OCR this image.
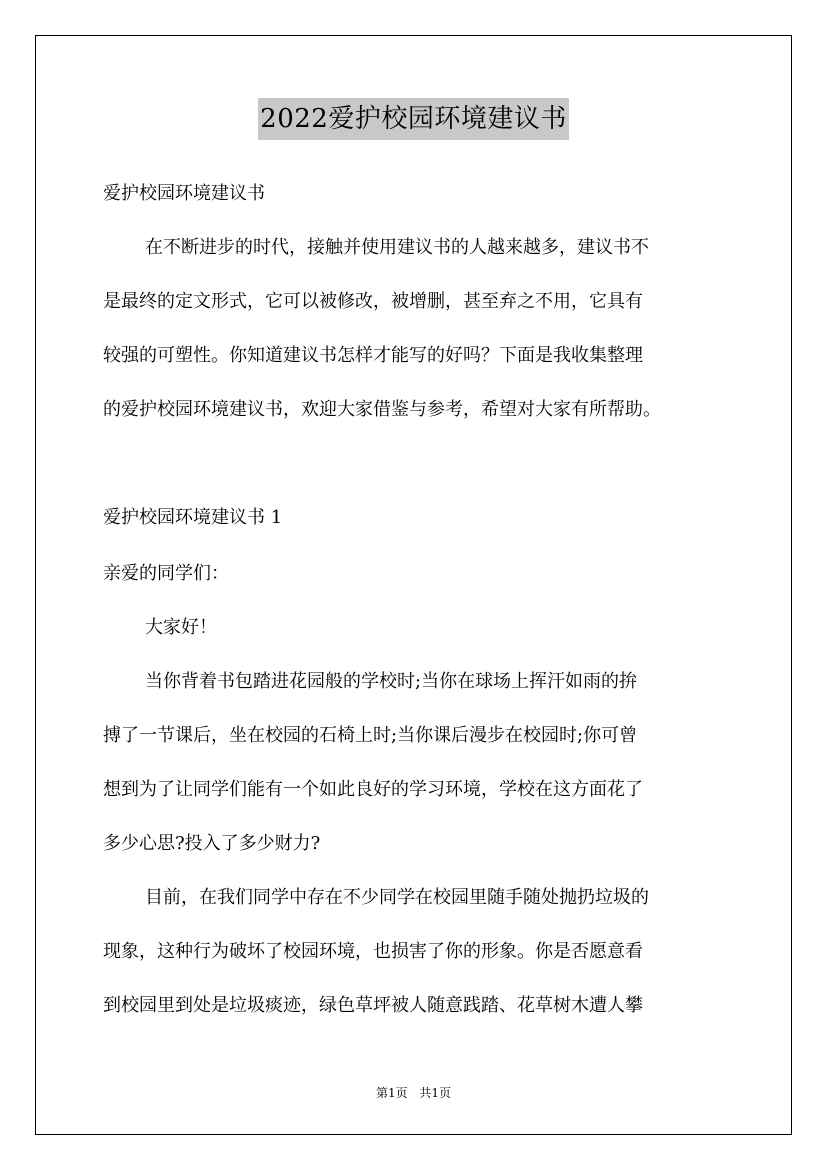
2022爱护校园环境建议书
爱护校园环境建议书
在不断进步的时代，接触并使用建议书的人越来越多，建议书不
是最终的定文形式，它可以被修改，被增删，甚至弃之不用，它具有
较强的可塑性。你知道建议书怎样才能写的好吗？下面是我收集整理
的爱护校园环境建议书，欢迎大家借鉴与参考，希望对大家有所帮助。
爱护校园环境建议书 1
亲爱的同学们：
大家好！
当你背着书包踏进花园般的学校时;当你在球场上挥汗如雨的拚
搏了一节课后，坐在校园的石椅上时;当你课后漫步在校园时;你可曾
想到为了让同学们能有一个如此良好的学习环境，学校在这方面花了
多少心思?投入了多少财力?
目前，在我们同学中存在不少同学在校园里随手随处抛扔垃圾的
现象，这种行为破坏了校园环境，也损害了你的形象。你是否愿意看
到校园里到处是垃圾痰迹，绿色草坪被人随意践踏、花草树木遭人攀
第1页 共1页
